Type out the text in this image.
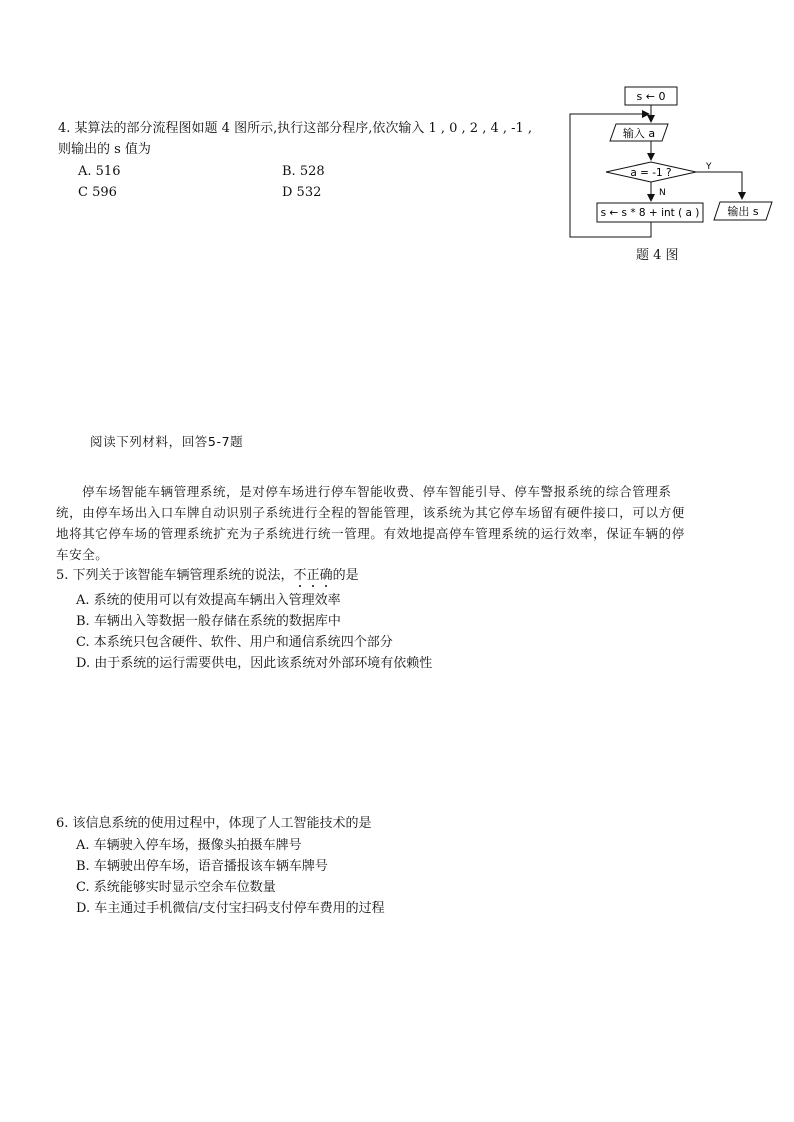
4. 某算法的部分流程图如题 4 图所示,执行这部分程序,依次输入 1 , 0 , 2 , 4 , -1 ,
则输出的 s 值为
A. 516	B. 528
C 596	D 532
s ← 0
输入 a
a = -1 ?	Y
N
s ← s * 8 + int ( a )	输出 s
题 4 图
阅读下列材料，回答5-7题
停车场智能车辆管理系统，是对停车场进行停车智能收费、停车智能引导、停车警报系统的综合管理系
统，由停车场出入口车牌自动识别子系统进行全程的智能管理，该系统为其它停车场留有硬件接口，可以方便
地将其它停车场的管理系统扩充为子系统进行统一管理。有效地提高停车管理系统的运行效率，保证车辆的停
车安全。
5. 下列关于该智能车辆管理系统的说法，不正确的是
A. 系统的使用可以有效提高车辆出入管理效率
B. 车辆出入等数据一般存储在系统的数据库中
C. 本系统只包含硬件、软件、用户和通信系统四个部分
D. 由于系统的运行需要供电，因此该系统对外部环境有依赖性
6. 该信息系统的使用过程中，体现了人工智能技术的是
A. 车辆驶入停车场，摄像头拍摄车牌号
B. 车辆驶出停车场，语音播报该车辆车牌号
C. 系统能够实时显示空余车位数量
D. 车主通过手机微信/支付宝扫码支付停车费用的过程
